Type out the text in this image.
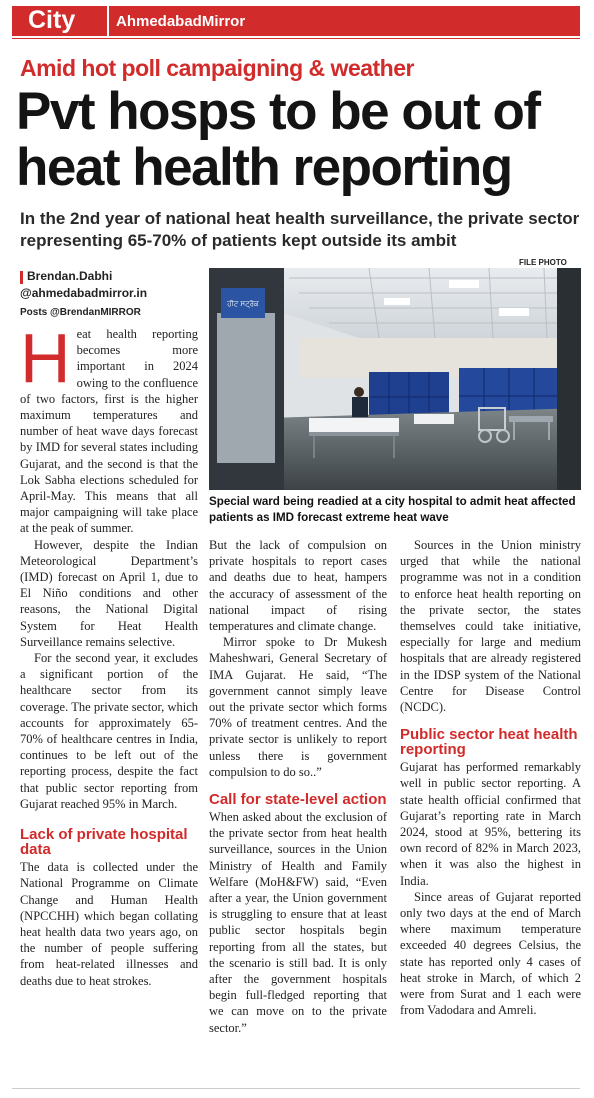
City	AhmedabadMirror
Amid hot poll campaigning & weather
Pvt hosps to be out of heat health reporting
In the 2nd year of national heat health surveillance, the private sector representing 65-70% of patients kept outside its ambit
Brendan.Dabhi
@ahmedabadmirror.in
Posts @BrendanMIRROR
FILE PHOTO
ਹੀਟ ਸਟ੍ਰੋਕ
Special ward being readied at a city hospital to admit heat affected patients as IMD forecast extreme heat wave

Heat health reporting becomes more important in 2024 owing to the confluence of two factors, first is the higher maximum temperatures and number of heat wave days forecast by IMD for several states including Gujarat, and the second is that the Lok Sabha elections scheduled for April-May. This means that all major campaigning will take place at the peak of summer.

However, despite the Indian Meteorological Department’s (IMD) forecast on April 1, due to El Niño conditions and other reasons, the National Digital System for Heat Health Surveillance remains selective.

For the second year, it excludes a significant portion of the healthcare sector from its coverage. The private sector, which accounts for approximately 65-70% of healthcare centres in India, continues to be left out of the reporting process, despite the fact that public sector reporting from Gujarat reached 95% in March.

Lack of private hospital data

The data is collected under the National Programme on Climate Change and Human Health (NPCCHH) which began collating heat health data two years ago, on the number of people suffering from heat-related illnesses and deaths due to heat strokes.

But the lack of compulsion on private hospitals to report cases and deaths due to heat, hampers the accuracy of assessment of the national impact of rising temperatures and climate change.

Mirror spoke to Dr Mukesh Maheshwari, General Secretary of IMA Gujarat. He said, “The government cannot simply leave out the private sector which forms 70% of treatment centres. And the private sector is unlikely to report unless there is government compulsion to do so..”

Call for state-level action

When asked about the exclusion of the private sector from heat health surveillance, sources in the Union Ministry of Health and Family Welfare (MoH&FW) said, “Even after a year, the Union government is struggling to ensure that at least public sector hospitals begin reporting from all the states, but the scenario is still bad. It is only after the government hospitals begin full-fledged reporting that we can move on to the private sector.”

Sources in the Union ministry urged that while the national programme was not in a condition to enforce heat health reporting on the private sector, the states themselves could take initiative, especially for large and medium hospitals that are already registered in the IDSP system of the National Centre for Disease Control (NCDC).

Public sector heat health reporting

Gujarat has performed remarkably well in public sector reporting. A state health official confirmed that Gujarat’s reporting rate in March 2024, stood at 95%, bettering its own record of 82% in March 2023, when it was also the highest in India.

Since areas of Gujarat reported only two days at the end of March where maximum temperature exceeded 40 degrees Celsius, the state has reported only 4 cases of heat stroke in March, of which 2 were from Surat and 1 each were from Vadodara and Amreli.
